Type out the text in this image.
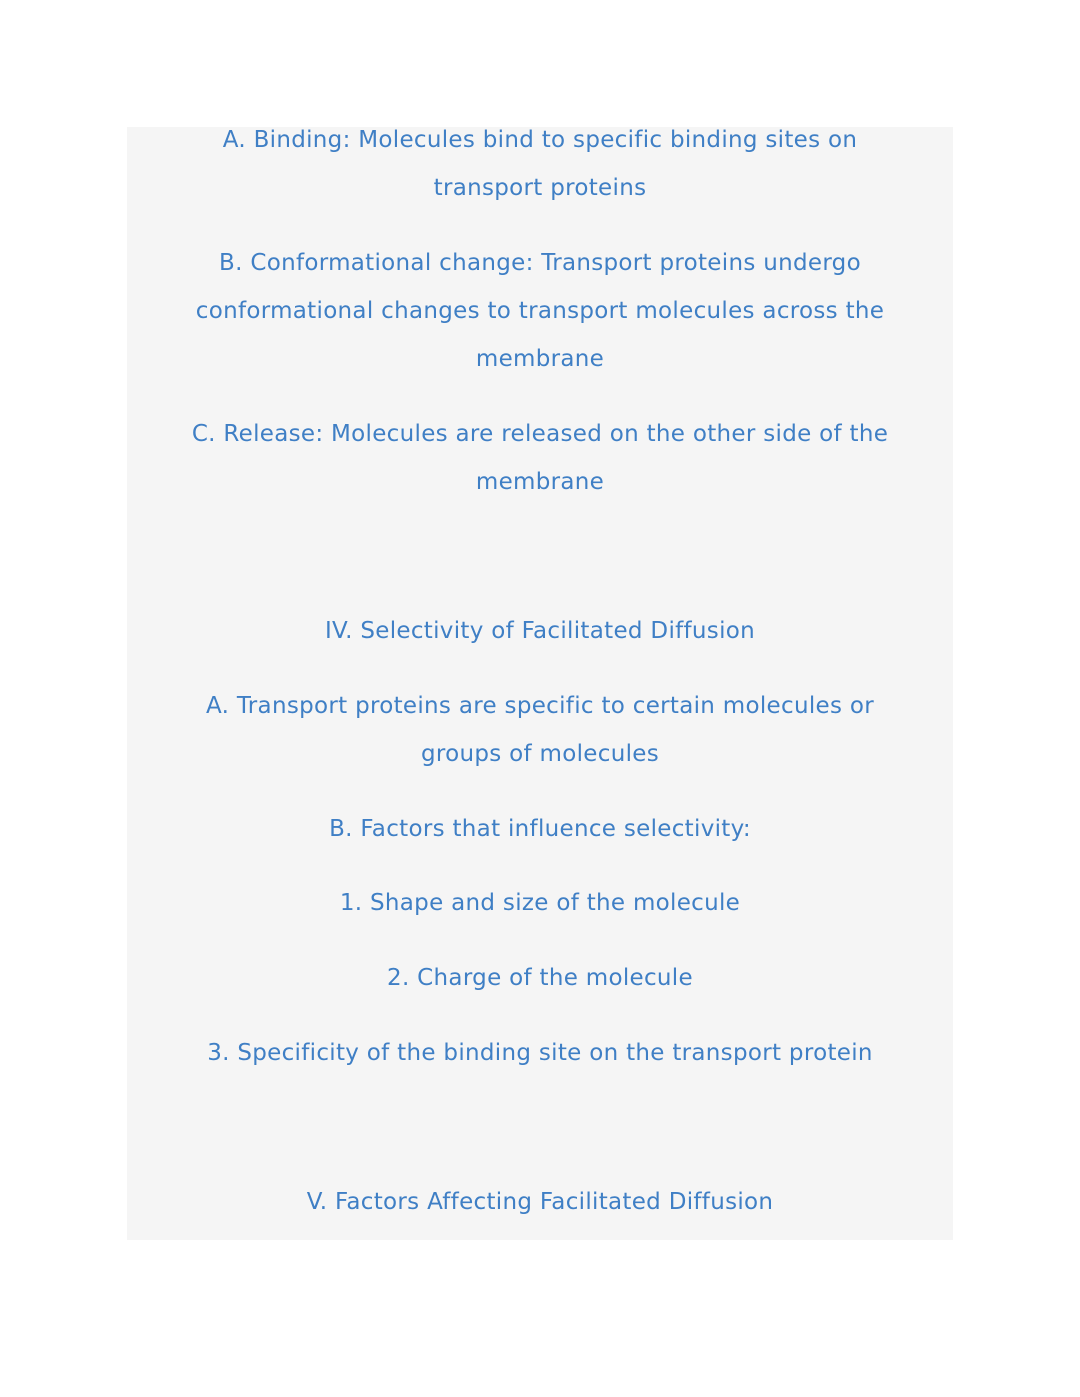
A. Binding: Molecules bind to specific binding sites on
transport proteins
B. Conformational change: Transport proteins undergo
conformational changes to transport molecules across the
membrane
C. Release: Molecules are released on the other side of the
membrane
IV. Selectivity of Facilitated Diffusion
A. Transport proteins are specific to certain molecules or
groups of molecules
B. Factors that influence selectivity:
1. Shape and size of the molecule
2. Charge of the molecule
3. Specificity of the binding site on the transport protein
V. Factors Affecting Facilitated Diffusion
